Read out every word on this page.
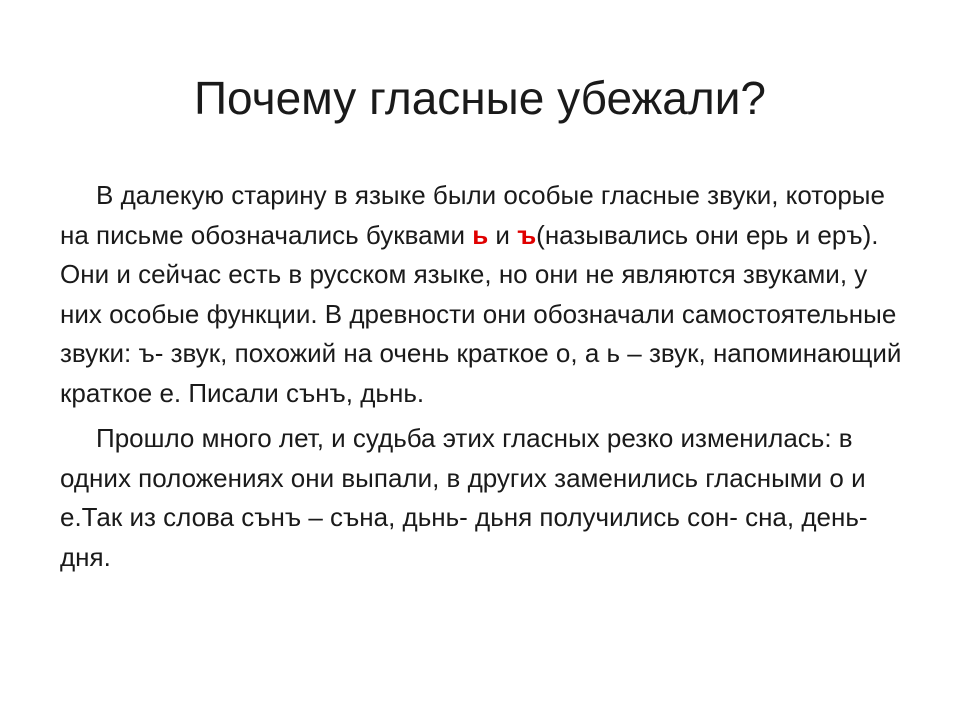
Почему гласные убежали?

В далекую старину в языке были особые гласные звуки, которые на письме обозначались буквами ь и ъ(назывались они ерь и еръ). Они и сейчас есть в русском языке, но они не являются звуками, у них особые функции. В древности они обозначали самостоятельные звуки: ъ- звук, похожий на очень краткое о, а ь – звук, напоминающий краткое е. Писали сънъ, дьнь.

Прошло много лет, и судьба этих гласных резко изменилась: в одних положениях они выпали, в других заменились гласными о и е.Так из слова сънъ – съна, дьнь- дьня получились сон- сна, день- дня.
